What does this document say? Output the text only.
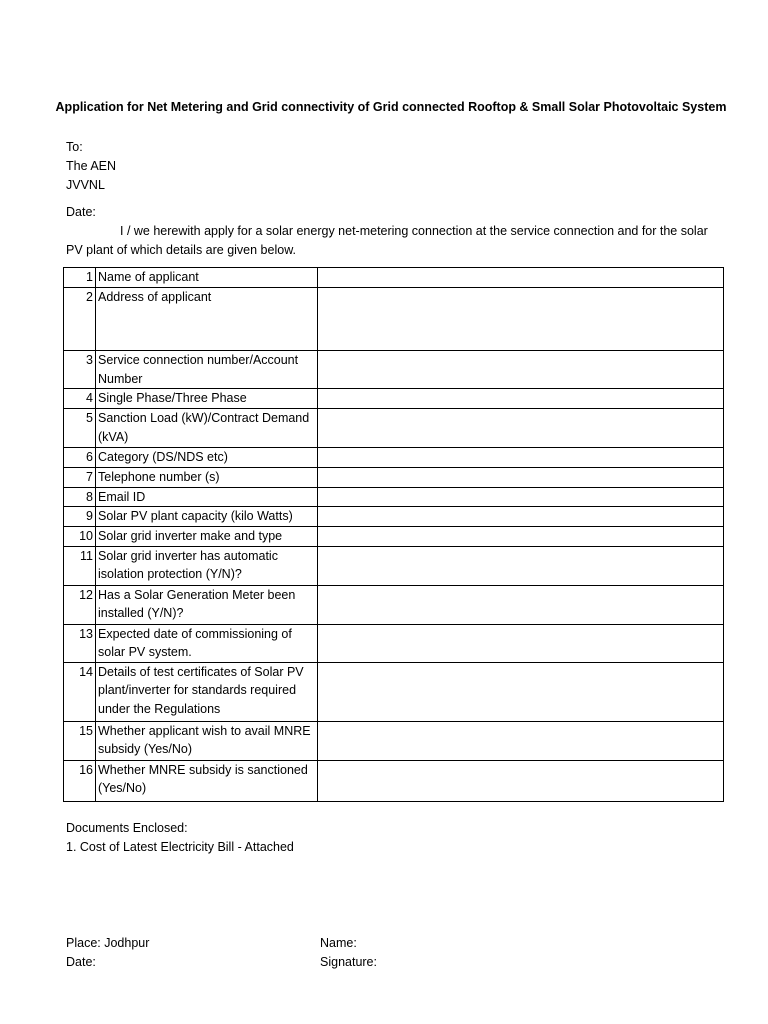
Application for Net Metering and Grid connectivity of Grid connected Rooftop & Small Solar Photovoltaic System
To:
The AEN
JVVNL
Date:
I / we herewith apply for a solar energy net-metering connection at the service connection and for the solar PV plant of which details are given below.
1	Name of applicant	
2	Address of applicant	
3	Service connection number/Account Number	
4	Single Phase/Three Phase	
5	Sanction Load (kW)/Contract Demand (kVA)	
6	Category (DS/NDS etc)	
7	Telephone number (s)	
8	Email ID	
9	Solar PV plant capacity (kilo Watts)	
10	Solar grid inverter make and type	
11	Solar grid inverter has automatic isolation protection (Y/N)?	
12	Has a Solar Generation Meter been installed (Y/N)?	
13	Expected date of commissioning of solar PV system.	
14	Details of test certificates of Solar PV plant/inverter for standards required under the Regulations	
15	Whether applicant wish to avail MNRE subsidy (Yes/No)	
16	Whether MNRE subsidy is sanctioned (Yes/No)	
Documents Enclosed:
1. Cost of Latest Electricity Bill - Attached
Place: Jodhpur
Date:
Name:
Signature:
